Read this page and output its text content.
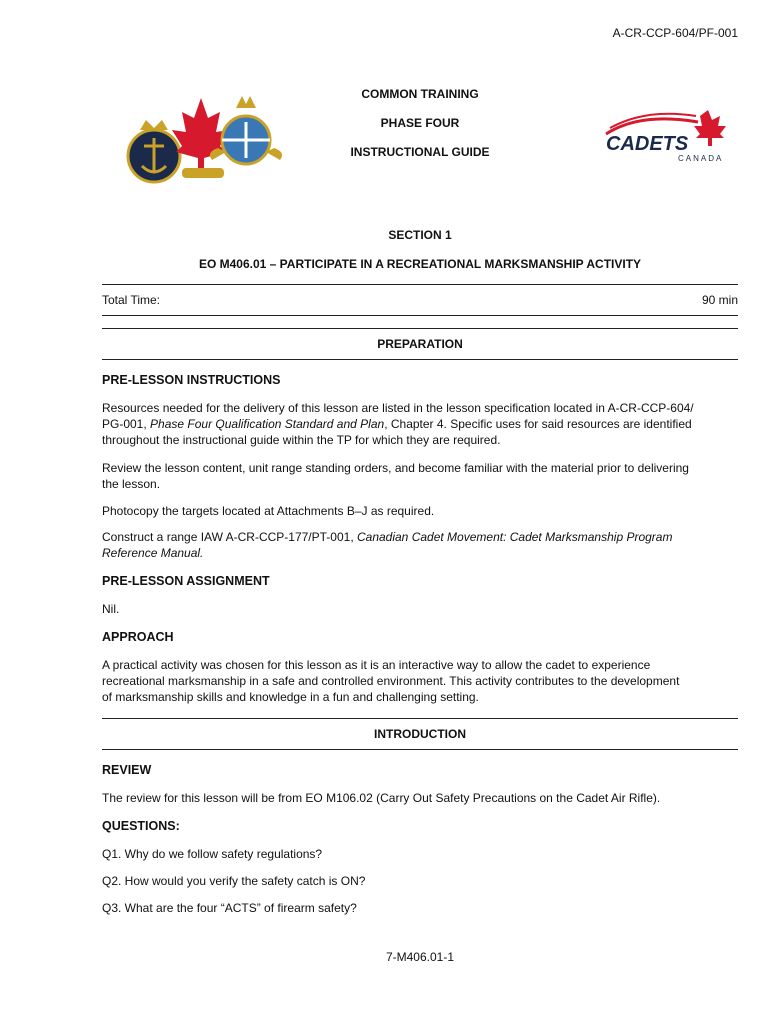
A-CR-CCP-604/PF-001
COMMON TRAINING
PHASE FOUR
INSTRUCTIONAL GUIDE	CADETS
CANADA
SECTION 1
EO M406.01 – PARTICIPATE IN A RECREATIONAL MARKSMANSHIP ACTIVITY
Total Time:	90 min
PREPARATION
PRE-LESSON INSTRUCTIONS
Resources needed for the delivery of this lesson are listed in the lesson specification located in A-CR-CCP-604/
PG-001, Phase Four Qualification Standard and Plan, Chapter 4. Specific uses for said resources are identified
throughout the instructional guide within the TP for which they are required.
Review the lesson content, unit range standing orders, and become familiar with the material prior to delivering
the lesson.
Photocopy the targets located at Attachments B–J as required.
Construct a range IAW A-CR-CCP-177/PT-001, Canadian Cadet Movement: Cadet Marksmanship Program
Reference Manual.
PRE-LESSON ASSIGNMENT
Nil.
APPROACH
A practical activity was chosen for this lesson as it is an interactive way to allow the cadet to experience
recreational marksmanship in a safe and controlled environment. This activity contributes to the development
of marksmanship skills and knowledge in a fun and challenging setting.
INTRODUCTION
REVIEW
The review for this lesson will be from EO M106.02 (Carry Out Safety Precautions on the Cadet Air Rifle).
QUESTIONS:
Q1. Why do we follow safety regulations?
Q2. How would you verify the safety catch is ON?
Q3. What are the four “ACTS” of firearm safety?
7-M406.01-1
